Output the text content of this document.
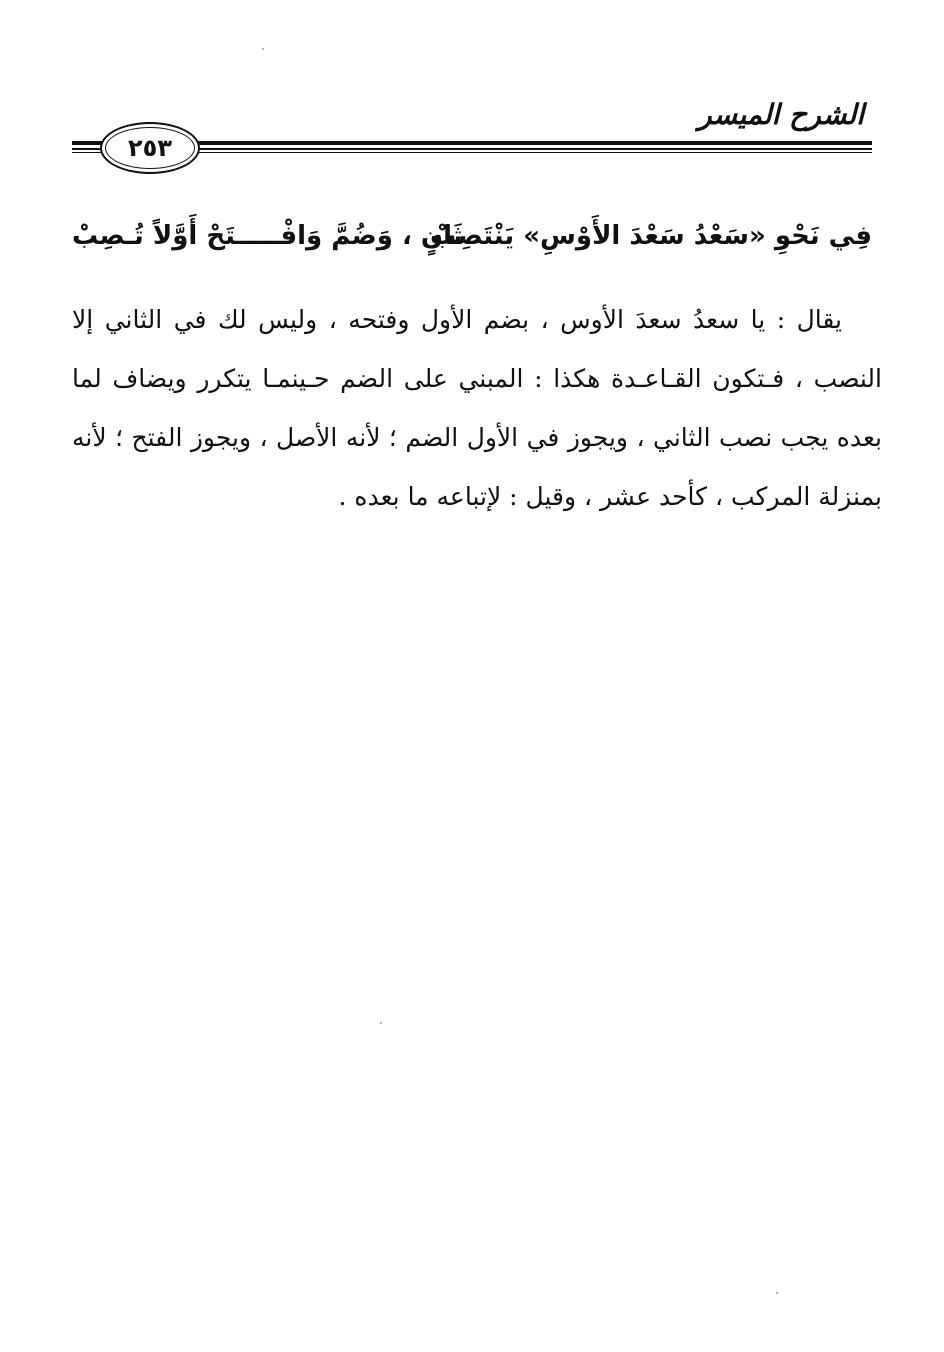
الشرح الميسر
٢٥٣
فِي نَحْوِ «سَعْدُ سَعْدَ الأَوْسِ» يَنْتَصِبْ
ثَانٍ ، وَضُمَّ وَافْـــــتَحْ أَوَّلاً تُـصِبْ

يقال : يا سعدُ سعدَ الأوس ، بضم الأول وفتحه ، وليس لك في الثاني إلا النصب ، فـتكون القـاعـدة هكذا : المبني على الضم حـينمـا يتكرر ويضاف لما بعده يجب نصب الثاني ، ويجوز في الأول الضم ؛ لأنه الأصل ، ويجوز الفتح ؛ لأنه بمنزلة المركب ، كأحد عشر ، وقيل : لإتباعه ما بعده .
